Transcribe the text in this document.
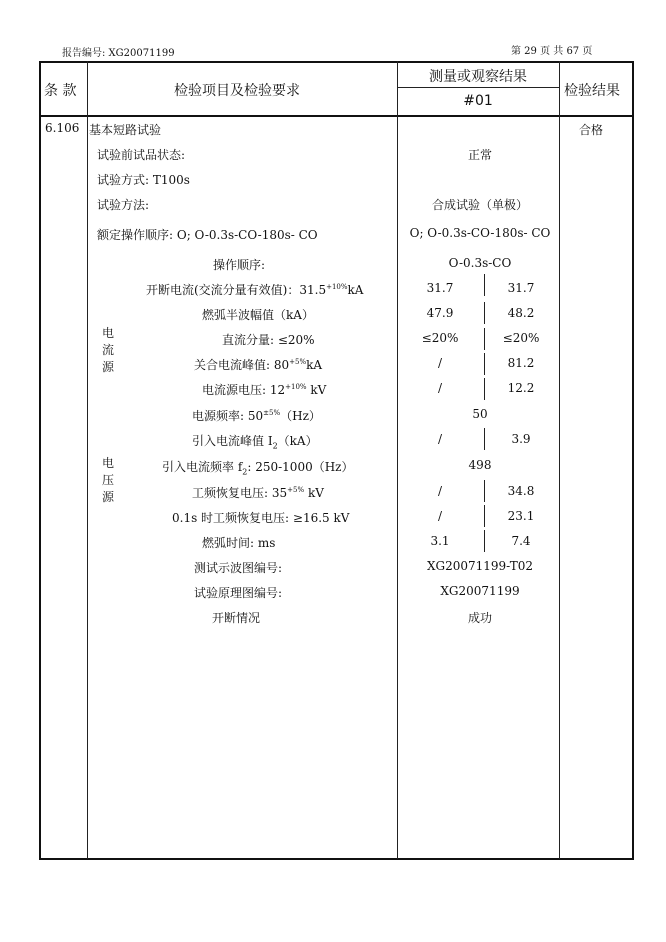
报告编号: XG20071199	第 29 页 共 67 页
条 款	检验项目及检验要求
测量或观察结果
#01
检验结果
6.106 基本短路试验	合格
试验前试品状态:	正常
试验方式: T100s
试验方法:	合成试验（单极）
额定操作顺序: O; O-0.3s-CO-180s- CO	O; O-0.3s-CO-180s- CO
操作顺序:	O-0.3s-CO
开断电流(交流分量有效值)：$31.5^{+10\%}kA$	31.7	31.7
燃弧半波幅值（kA）	47.9	48.2
电
流
源
直流分量: ≤20%	≤20%	≤20%
关合电流峰值: $80^{+5\%}kA$	/	81.2
电流源电压: $12^{+10\%}$ kV	/	12.2
电源频率: $50^{\pm 5\%}(Hz)$	50
引入电流峰值 $I_2(kA)$	/	3.9
电
压
源
引入电流频率 $f_2$: 250-1000（Hz）	498
工频恢复电压: $35^{+5\%}$ kV	/	34.8
0.1s 时工频恢复电压: ≥16.5 kV	/	23.1
燃弧时间: ms	3.1	7.4
测试示波图编号:	XG20071199-T02
试验原理图编号:	XG20071199
开断情况	成功
